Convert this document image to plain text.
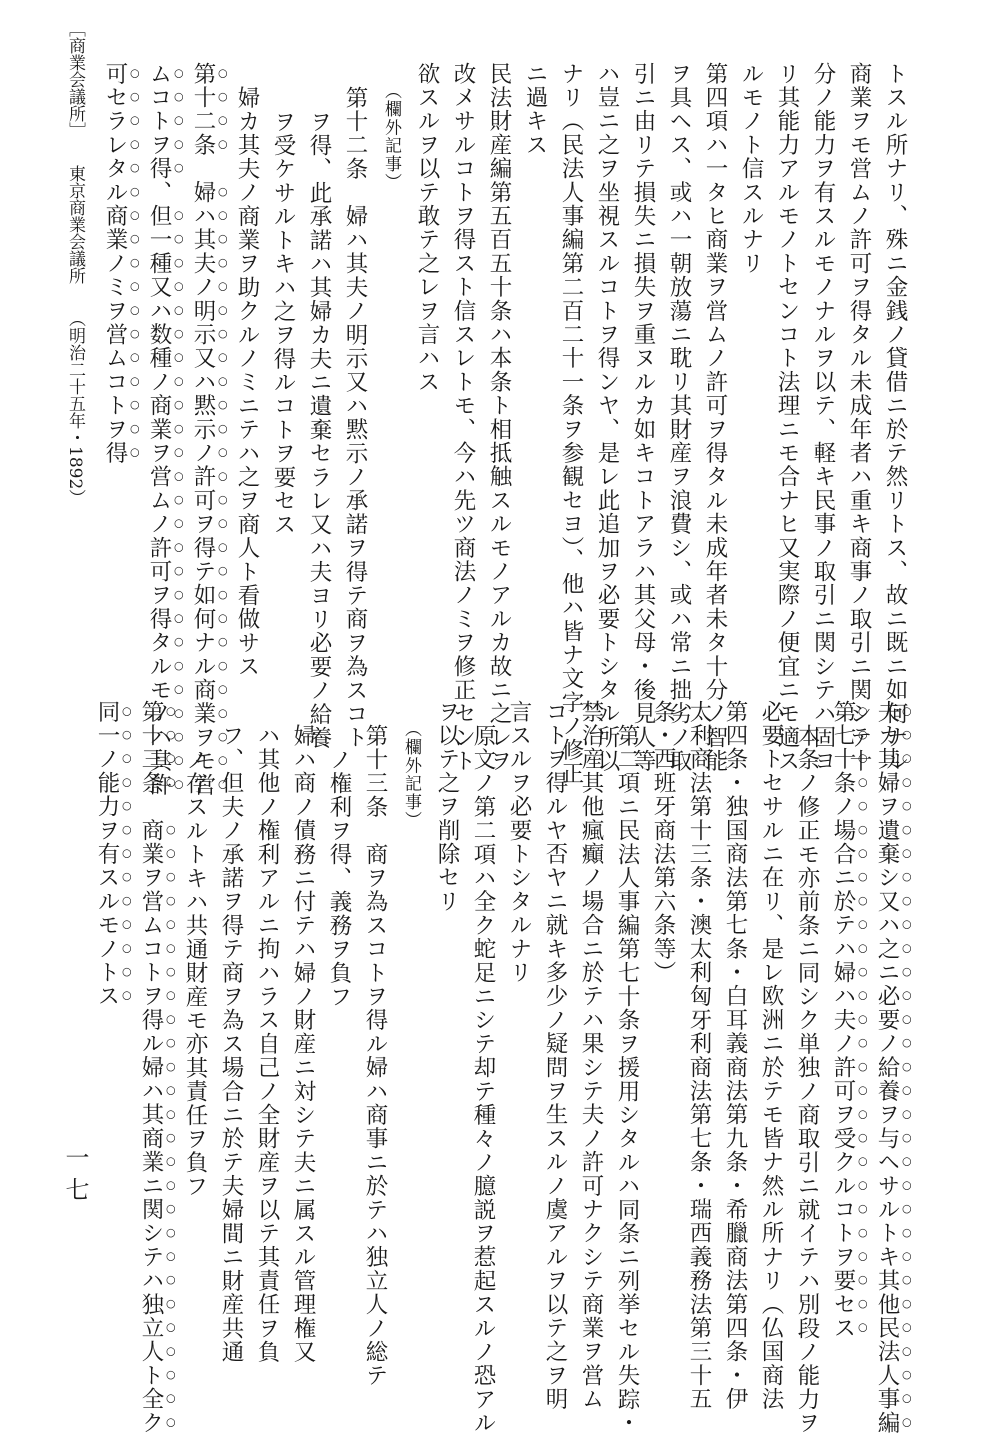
トスル所ナリ、殊ニ金銭ノ貸借ニ於テ然リトス、故ニ既ニ如何ナル
商業ヲモ営ムノ許可ヲ得タル未成年者ハ重キ商事ノ取引ニ関シテ十
分ノ能力ヲ有スルモノナルヲ以テ、軽キ民事ノ取引ニ関シテハ固ヨ
リ其能力アルモノトセンコト法理ニモ合ナヒ又実際ノ便宜ニモ適ス
ルモノト信スルナリ
第四項ハ一タヒ商業ヲ営ムノ許可ヲ得タル未成年者未タ十分ノ智能
ヲ具ヘス、或ハ一朝放蕩ニ耽リ其財産ヲ浪費シ、或ハ常ニ拙劣ノ取
引ニ由リテ損失ニ損失ヲ重ヌルカ如キコトアラハ其父母・後見人等
ハ豈ニ之ヲ坐視スルコトヲ得ンヤ、是レ此追加ヲ必要トシタル所以
ナリ（民法人事編第二百二十一条ヲ参観セヨ）、他ハ皆ナ文字ノ修正
ニ過キス
民法財産編第五百五十条ハ本条ト相抵触スルモノアルカ故ニ之レヲ
改メサルコトヲ得スト信スレトモ、今ハ先ツ商法ノミヲ修正セント
欲スルヲ以テ敢テ之レヲ言ハス
（欄外記事）
第十二条　婦ハ其夫ノ明示又ハ黙示ノ承諾ヲ得テ商ヲ為スコト
ヲ得、此承諾ハ其婦カ夫ニ遺棄セラレ又ハ夫ヨリ必要ノ給養
ヲ受ケサルトキハ之ヲ得ルコトヲ要セス
婦カ其夫ノ商業ヲ助クルノミニテハ之ヲ商人ト看做サス
第十二条　婦ハ其夫ノ明示又ハ黙示ノ許可ヲ得テ如何ナル商業ヲモ営
ムコトヲ得、但一種又ハ数種ノ商業ヲ営ムノ許可ヲ得タルモノハ其許
可セラレタル商業ノミヲ営ムコトヲ得
夫カ其婦ヲ遺棄シ又ハ之ニ必要ノ給養ヲ与ヘサルトキ其他民法人事編
第七十条ノ場合ニ於テハ婦ハ夫ノ許可ヲ受クルコトヲ要セス
本条ノ修正モ亦前条ニ同シク単独ノ商取引ニ就イテハ別段ノ能力ヲ
必要トセサルニ在リ、是レ欧洲ニ於テモ皆ナ然ル所ナリ（仏国商法
第四条・独国商法第七条・白耳義商法第九条・希臘商法第四条・伊
太利商法第十三条・澳太利匈牙利商法第七条・瑞西義務法第三十五
条・西班牙商法第六条等）
第二項ニ民法人事編第七十条ヲ援用シタルハ同条ニ列挙セル失踪・
禁治産其他瘋癲ノ場合ニ於テハ果シテ夫ノ許可ナクシテ商業ヲ営ム
コトヲ得ルヤ否ヤニ就キ多少ノ疑問ヲ生スルノ虞アルヲ以テ之ヲ明
言スルヲ必要トシタルナリ
原文ノ第二項ハ全ク蛇足ニシテ却テ種々ノ臆説ヲ惹起スルノ恐アル
ヲ以テ之ヲ削除セリ
（欄外記事）
第十三条　商ヲ為スコトヲ得ル婦ハ商事ニ於テハ独立人ノ総テ
ノ権利ヲ得、義務ヲ負フ
婦ハ商ノ債務ニ付テハ婦ノ財産ニ対シテ夫ニ属スル管理権又
ハ其他ノ権利アルニ拘ハラス自己ノ全財産ヲ以テ其責任ヲ負
フ、但夫ノ承諾ヲ得テ商ヲ為ス場合ニ於テ夫婦間ニ財産共通
ノ存スルトキハ共通財産モ亦其責任ヲ負フ
第十三条　商業ヲ営ムコトヲ得ル婦ハ其商業ニ関シテハ独立人ト全ク
同一ノ能力ヲ有スルモノトス
［商業会議所］東京商業会議所（明治二十五年・1892）
一七
